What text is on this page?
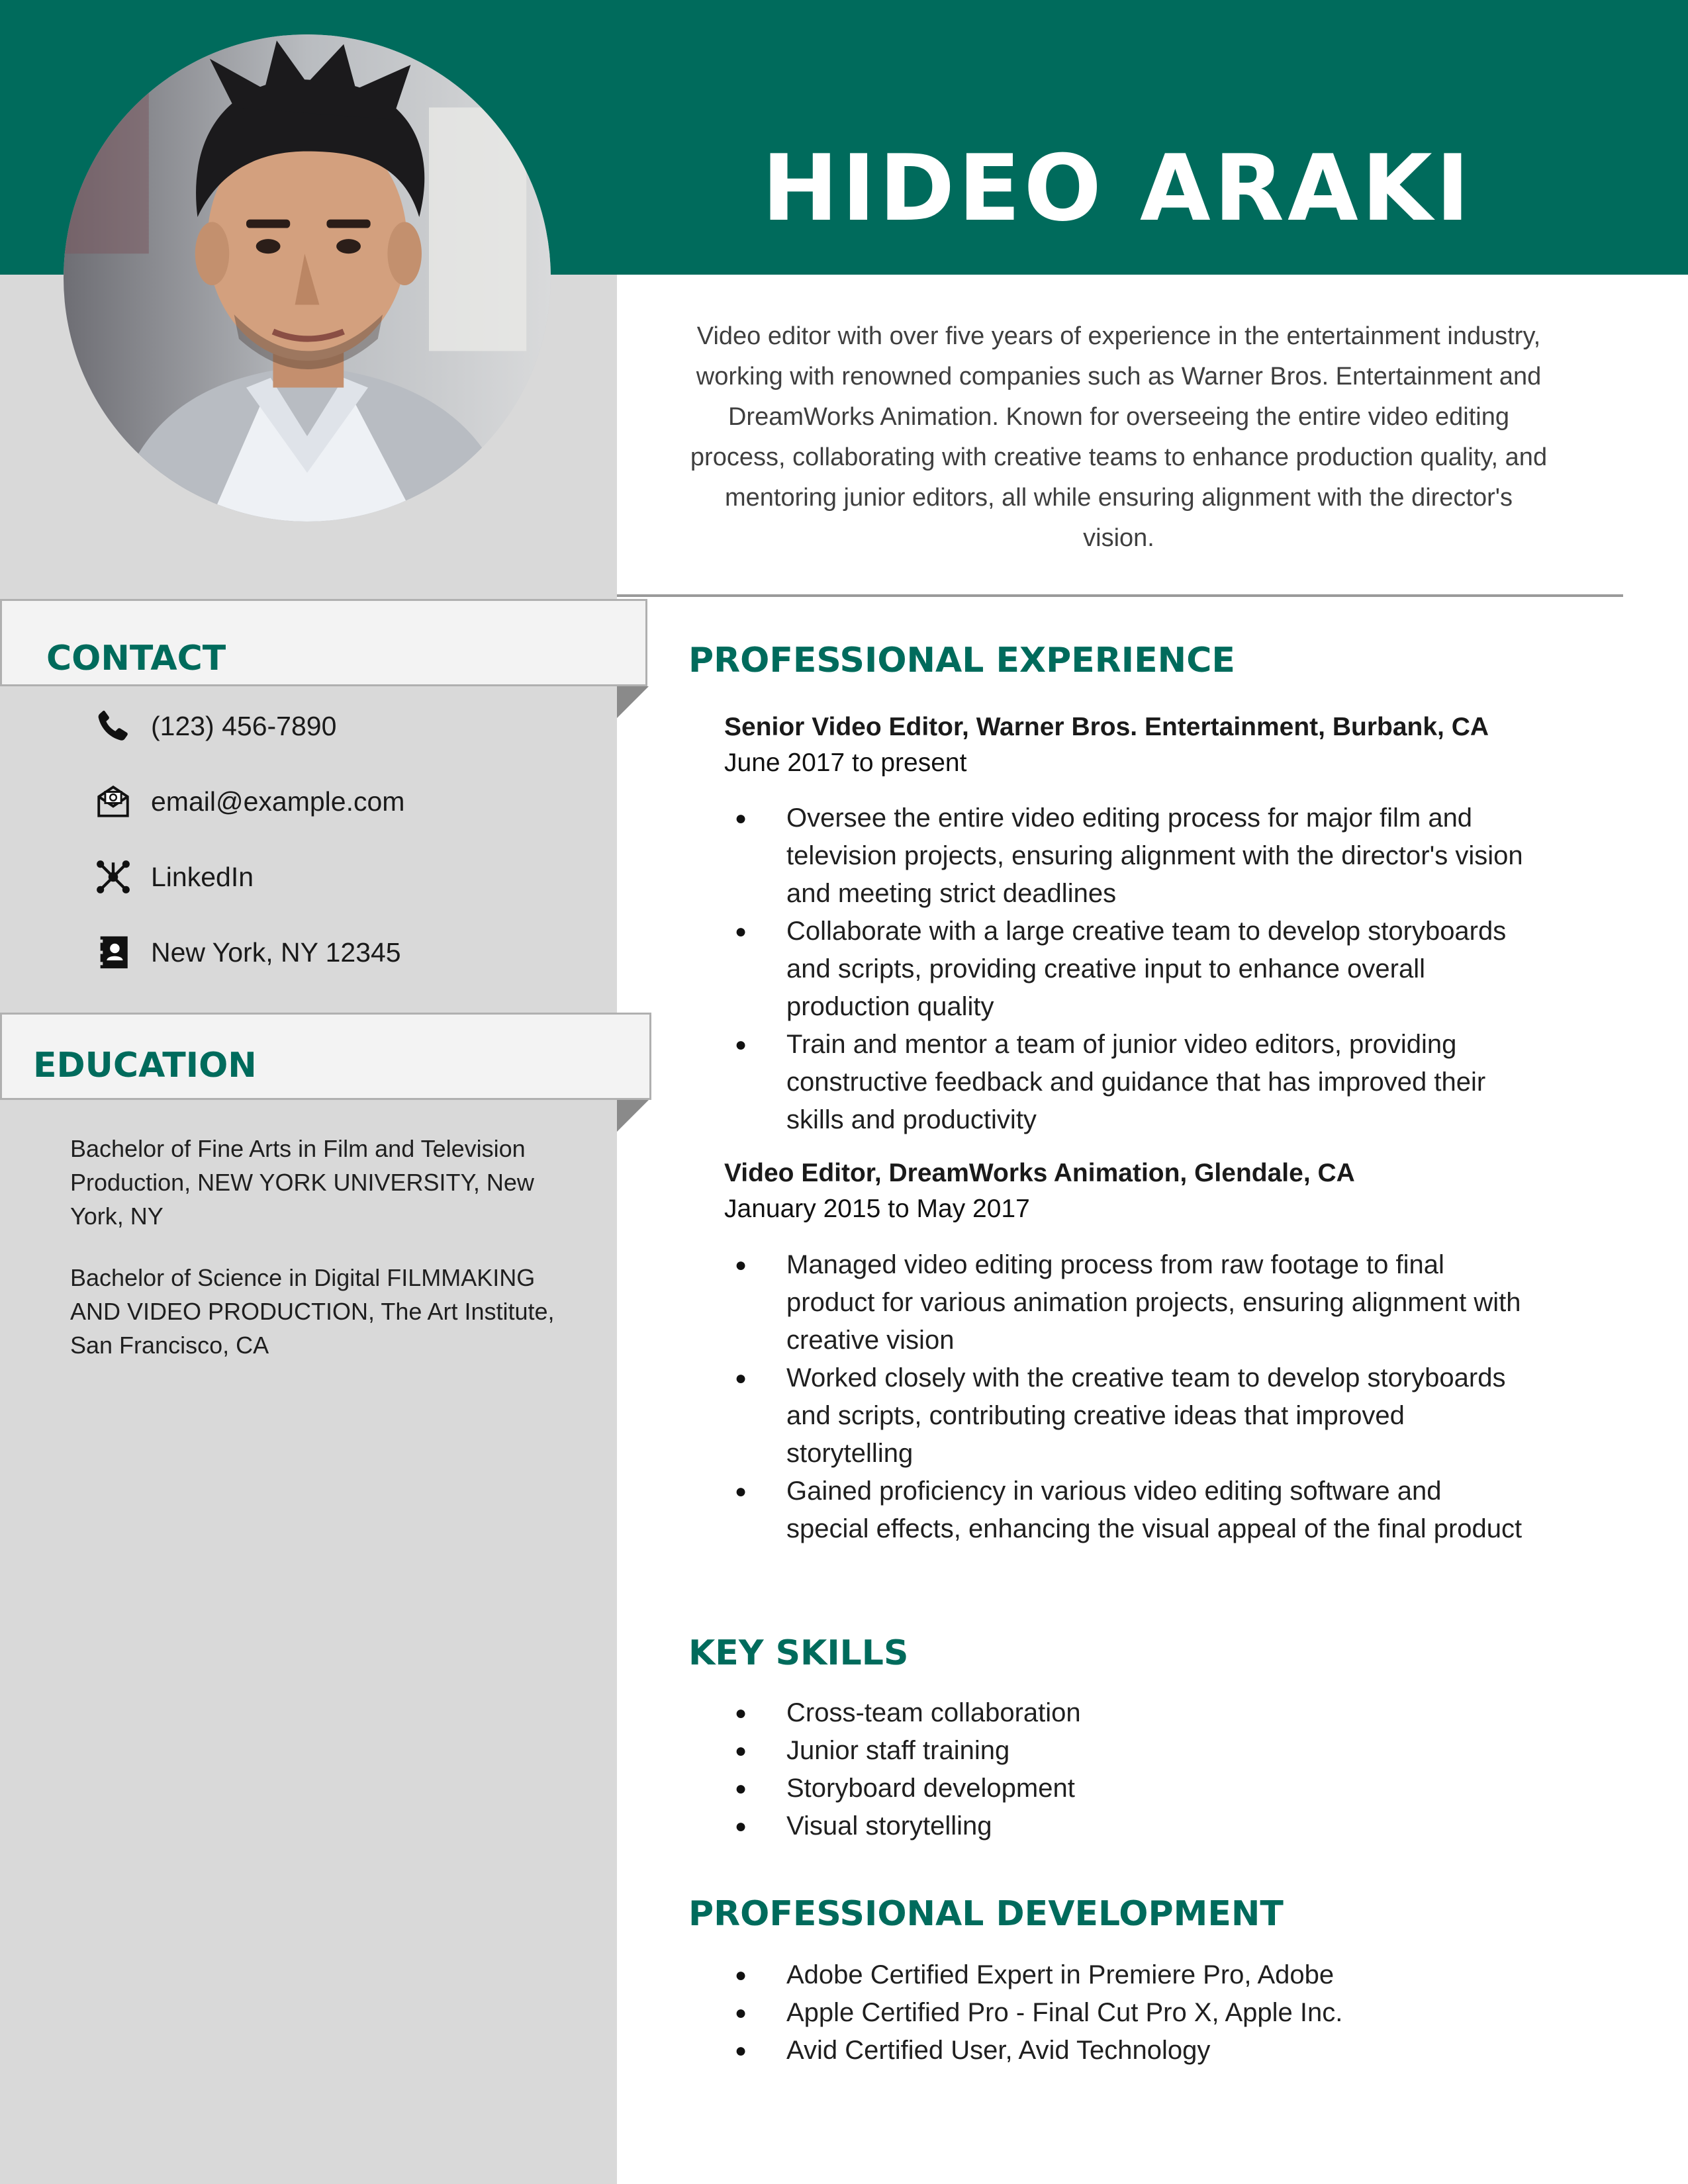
HIDEO ARAKI
Video editor with over five years of experience in the entertainment industry, working with renowned companies such as Warner Bros. Entertainment and DreamWorks Animation. Known for overseeing the entire video editing process, collaborating with creative teams to enhance production quality, and mentoring junior editors, all while ensuring alignment with the director's vision.
CONTACT
(123) 456-7890
email@example.com
LinkedIn
New York, NY 12345
EDUCATION
Bachelor of Fine Arts in Film and Television Production, NEW YORK UNIVERSITY, New York, NY
Bachelor of Science in Digital FILMMAKING AND VIDEO PRODUCTION, The Art Institute, San Francisco, CA
PROFESSIONAL EXPERIENCE
Senior Video Editor, Warner Bros. Entertainment, Burbank, CA
June 2017 to present
● Oversee the entire video editing process for major film and television projects, ensuring alignment with the director's vision and meeting strict deadlines
● Collaborate with a large creative team to develop storyboards and scripts, providing creative input to enhance overall production quality
● Train and mentor a team of junior video editors, providing constructive feedback and guidance that has improved their skills and productivity
Video Editor, DreamWorks Animation, Glendale, CA
January 2015 to May 2017
● Managed video editing process from raw footage to final product for various animation projects, ensuring alignment with creative vision
● Worked closely with the creative team to develop storyboards and scripts, contributing creative ideas that improved storytelling
● Gained proficiency in various video editing software and special effects, enhancing the visual appeal of the final product
KEY SKILLS
● Cross-team collaboration
● Junior staff training
● Storyboard development
● Visual storytelling
PROFESSIONAL DEVELOPMENT
● Adobe Certified Expert in Premiere Pro, Adobe
● Apple Certified Pro - Final Cut Pro X, Apple Inc.
● Avid Certified User, Avid Technology
